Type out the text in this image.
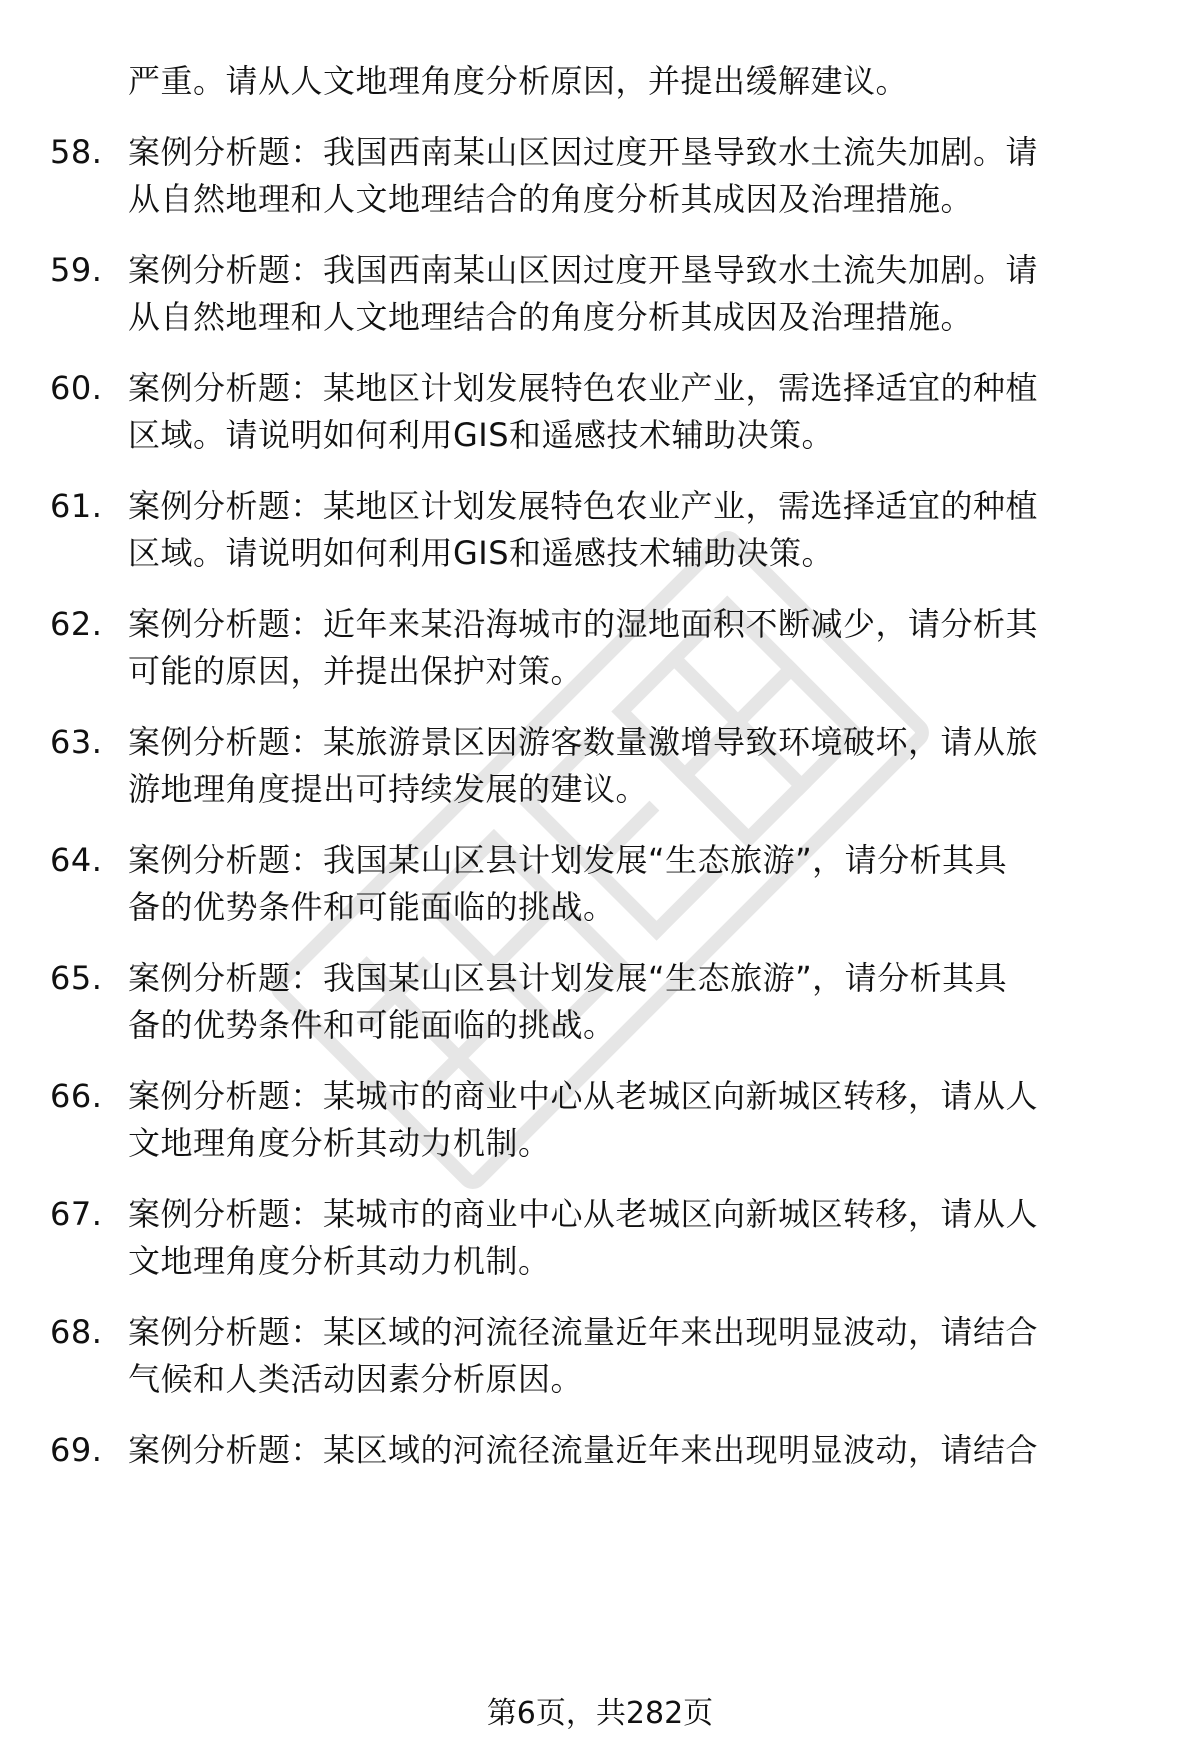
严重。请从人文地理角度分析原因，并提出缓解建议。
58. 案例分析题：我国西南某山区因过度开垦导致水土流失加剧。请
从自然地理和人文地理结合的角度分析其成因及治理措施。
59. 案例分析题：我国西南某山区因过度开垦导致水土流失加剧。请
从自然地理和人文地理结合的角度分析其成因及治理措施。
60. 案例分析题：某地区计划发展特色农业产业，需选择适宜的种植
区域。请说明如何利用GIS和遥感技术辅助决策。
61. 案例分析题：某地区计划发展特色农业产业，需选择适宜的种植
区域。请说明如何利用GIS和遥感技术辅助决策。
62. 案例分析题：近年来某沿海城市的湿地面积不断减少，请分析其
可能的原因，并提出保护对策。
63. 案例分析题：某旅游景区因游客数量激增导致环境破坏，请从旅
游地理角度提出可持续发展的建议。
64. 案例分析题：我国某山区县计划发展“生态旅游”，请分析其具
备的优势条件和可能面临的挑战。
65. 案例分析题：我国某山区县计划发展“生态旅游”，请分析其具
备的优势条件和可能面临的挑战。
66. 案例分析题：某城市的商业中心从老城区向新城区转移，请从人
文地理角度分析其动力机制。
67. 案例分析题：某城市的商业中心从老城区向新城区转移，请从人
文地理角度分析其动力机制。
68. 案例分析题：某区域的河流径流量近年来出现明显波动，请结合
气候和人类活动因素分析原因。
69. 案例分析题：某区域的河流径流量近年来出现明显波动，请结合
第6页，共282页
